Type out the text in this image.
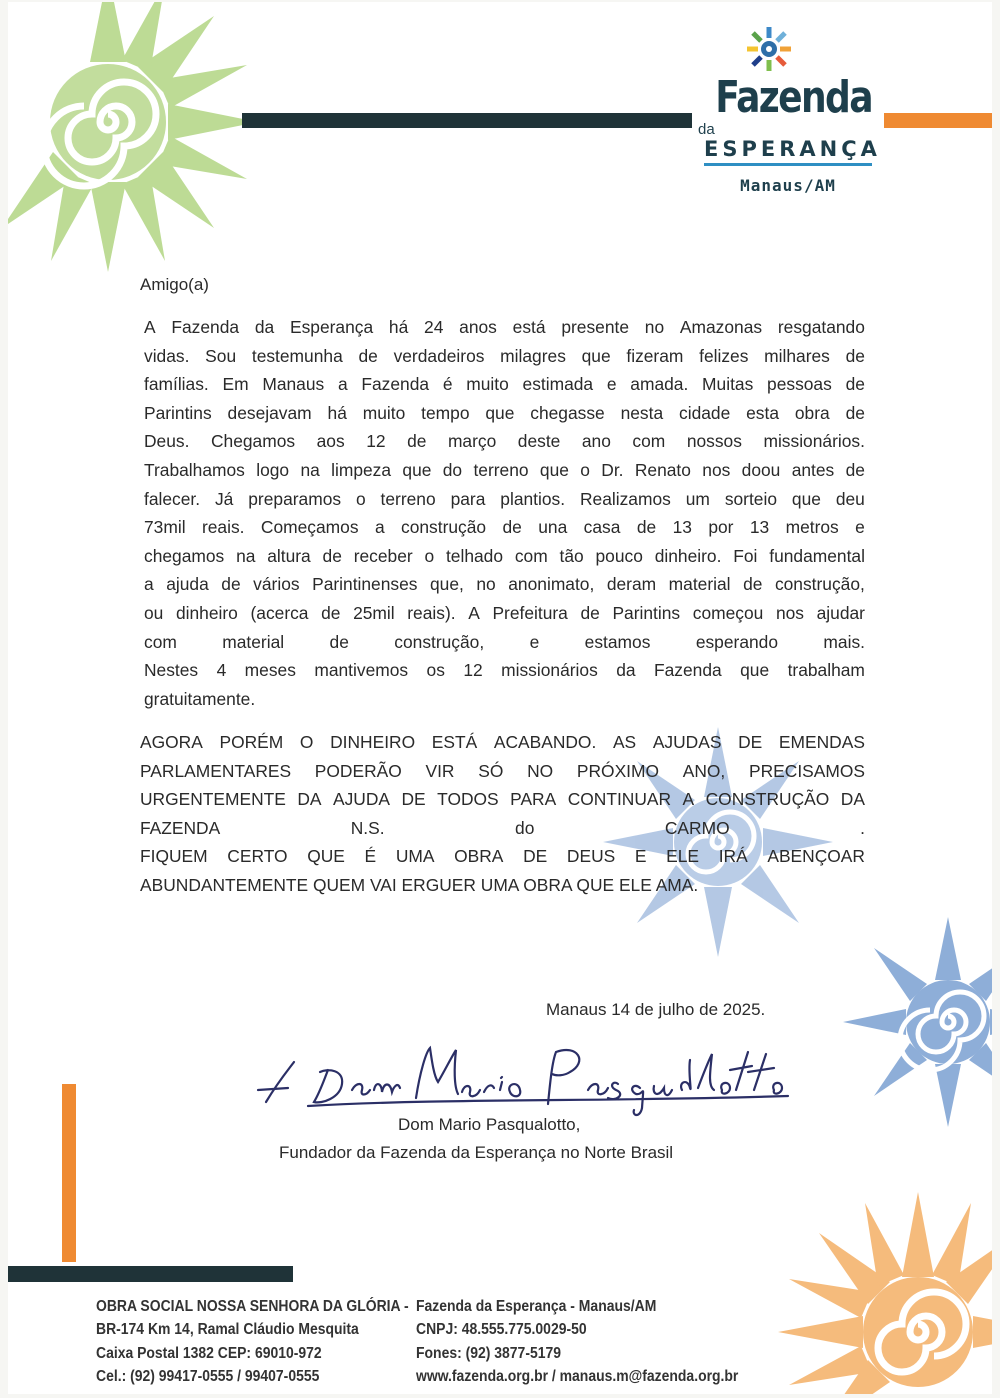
Fazendada
ESPERANÇA
Manaus/AM
Amigo(a)
A Fazenda da Esperança há 24 anos está presente no Amazonas resgatando
vidas. Sou testemunha de verdadeiros milagres que fizeram felizes milhares de
famílias. Em Manaus a Fazenda é muito estimada e amada. Muitas pessoas de
Parintins desejavam há muito tempo que chegasse nesta cidade esta obra de
Deus. Chegamos aos 12 de março deste ano com nossos missionários.
Trabalhamos logo na limpeza que do terreno que o Dr. Renato nos doou antes de
falecer. Já preparamos o terreno para plantios. Realizamos um sorteio que deu
73mil reais. Começamos a construção de una casa de 13 por 13 metros e
chegamos na altura de receber o telhado com tão pouco dinheiro. Foi fundamental
a ajuda de vários Parintinenses que, no anonimato, deram material de construção,
ou dinheiro (acerca de 25mil reais). A Prefeitura de Parintins começou nos ajudar
com	material	de	construção,	e	estamos	esperando	mais.
Nestes 4 meses mantivemos os 12 missionários da Fazenda que trabalham
gratuitamente.
AGORA PORÉM O DINHEIRO ESTÁ ACABANDO. AS AJUDAS DE EMENDAS
PARLAMENTARES PODERÃO VIR SÓ NO PRÓXIMO ANO, PRECISAMOS
URGENTEMENTE DA AJUDA DE TODOS PARA CONTINUAR A CONSTRUÇÃO DA
FAZENDA	N.S.	do	CARMO	.
FIQUEM CERTO QUE É UMA OBRA DE DEUS E ELE IRÁ ABENÇOAR
ABUNDANTEMENTE QUEM VAI ERGUER UMA OBRA QUE ELE AMA.
Manaus 14 de julho de 2025.
Dom Mario Pasqualotto,
Fundador da Fazenda da Esperança no Norte Brasil
OBRA SOCIAL NOSSA SENHORA DA GLÓRIA -
BR-174 Km 14, Ramal Cláudio Mesquita
Caixa Postal 1382 CEP: 69010-972
Cel.: (92) 99417-0555 / 99407-0555
Fazenda da Esperança - Manaus/AM
CNPJ: 48.555.775.0029-50
Fones: (92) 3877-5179
www.fazenda.org.br / manaus.m@fazenda.org.br
